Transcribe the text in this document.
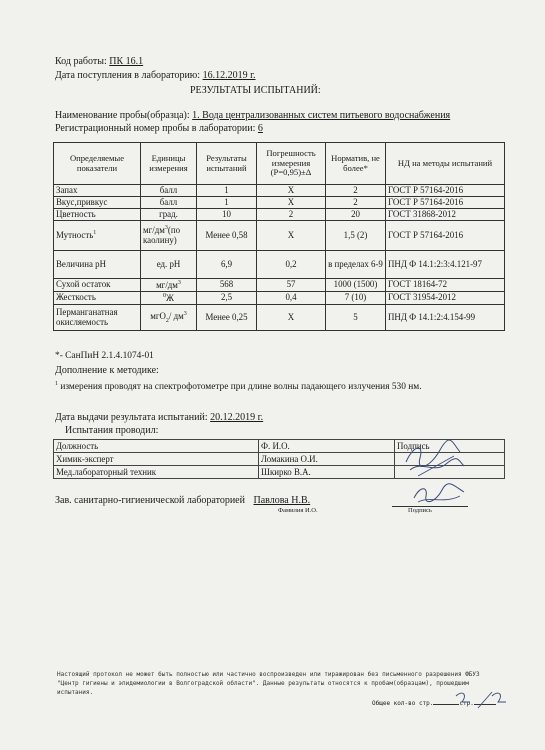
Код работы: ПК 16.1
Дата поступления в лабораторию: 16.12.2019 г.
РЕЗУЛЬТАТЫ ИСПЫТАНИЙ:
Наименование пробы(образца): 1. Вода централизованных систем питьевого водоснабжения
Регистрационный номер пробы в лаборатории: 6
Определяемые показатели	Единицы измерения	Результаты испытаний	Погрешность измерения (Р=0,95)±Δ	Норматив, не более*	НД на методы испытаний
Запах	балл	1	X	2	ГОСТ Р 57164-2016
Вкус,привкус	балл	1	X	2	ГОСТ Р 57164-2016
Цветность	град.	10	2	20	ГОСТ 31868-2012
Мутность$^1$	$мг/дм^3(по$ каолину)	Менее 0,58	X	1,5 (2)	ГОСТ Р 57164-2016
Величина рН	ед. рН	6,9	0,2	в пределах 6-9	ПНД Ф 14.1:2:3:4.121-97
Сухой остаток	$мг/дм^3$	568	57	1000 (1500)	ГОСТ 18164-72
Жесткость	$^0$Ж	2,5	0,4	7 (10)	ГОСТ 31954-2012
Перманганатная окисляемость	мгО$_2$/ $дм^3$	Менее 0,25	X	5	ПНД Ф 14.1:2:4.154-99
*- СанПиН 2.1.4.1074-01
Дополнение к методике:
$^1$ измерения проводят на спектрофотометре при длине волны падающего излучения 530 нм.
Дата выдачи результата испытаний: 20.12.2019 г.
Испытания проводил:
Должность	Ф. И.О.	Подпись
Химик-эксперт	Ломакина О.И.	
Мед.лабораторный техник	Шкирко В.А.	
Зав. санитарно-гигиенической лабораторией Павлова Н.В.
Фамилия И.О.	Подпись
Настоящий протокол не может быть полностью или частично воспроизведен или тиражирован без письменного разрешения ФБУЗ "Центр гигиены и эпидемиологии в Волгоградской области". Данные результаты относятся к пробам(образцам), прошедшим испытания.
Общее кол-во стр.	стр.
